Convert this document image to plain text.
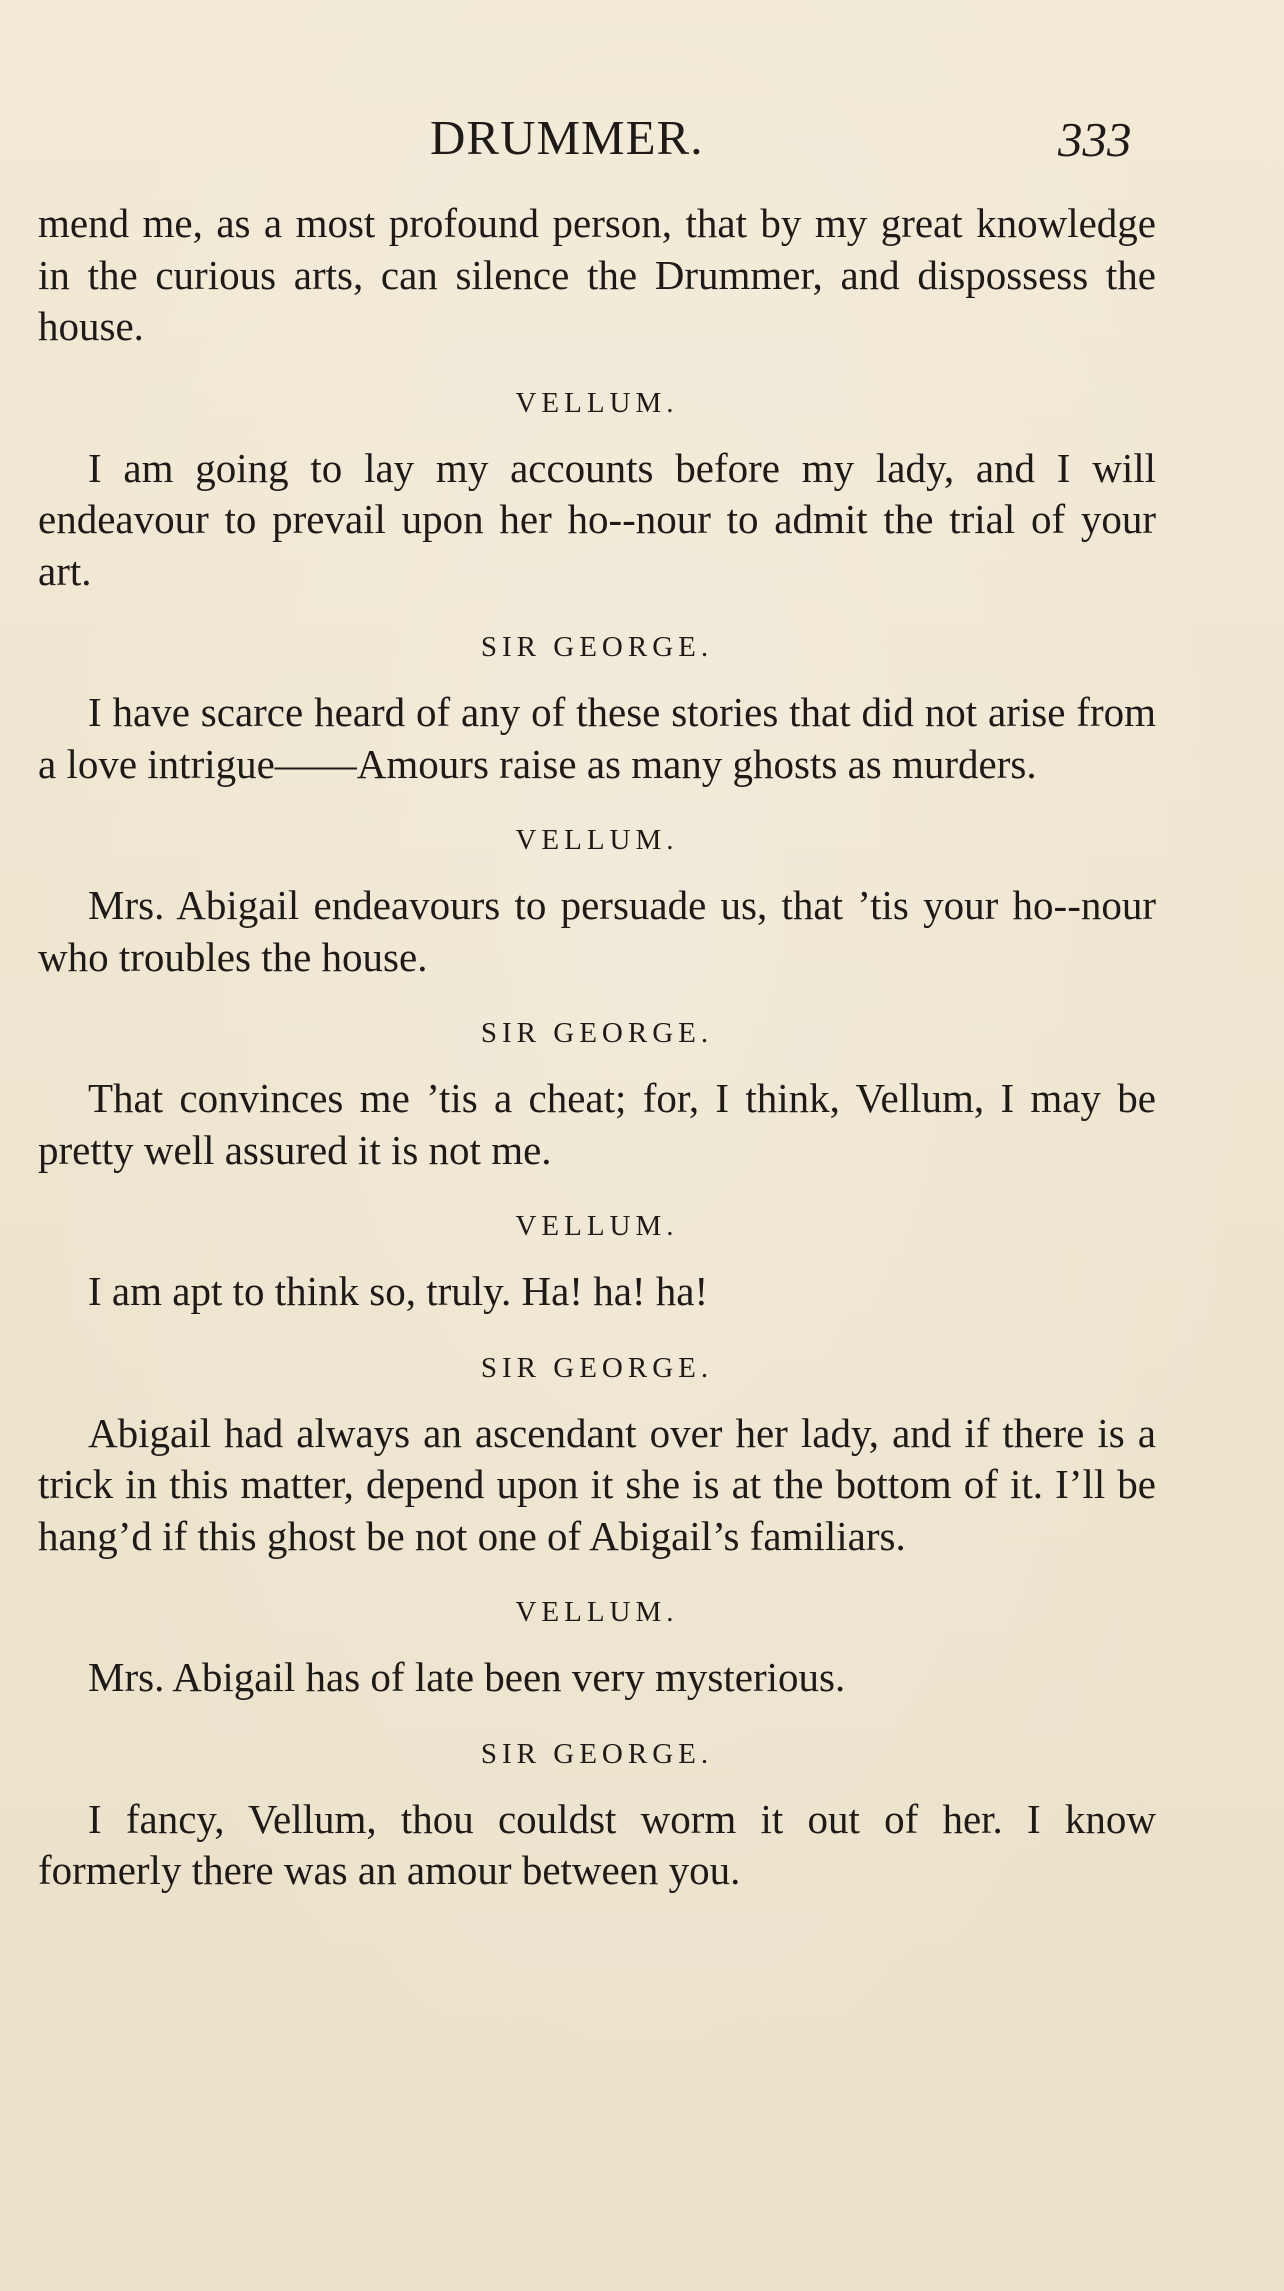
DRUMMER.	333

mend me, as a most profound person, that by my great knowledge in the curious arts, can silence the Drummer, and dispossess the house.

VELLUM.

I am going to lay my accounts before my lady, and I will endeavour to prevail upon her ho--nour to admit the trial of your art.

SIR GEORGE.

I have scarce heard of any of these stories that did not arise from a love intrigue——Amours raise as many ghosts as murders.

VELLUM.

Mrs. Abigail endeavours to persuade us, that ’tis your ho--nour who troubles the house.

SIR GEORGE.

That convinces me ’tis a cheat; for, I think, Vellum, I may be pretty well assured it is not me.

VELLUM.

I am apt to think so, truly. Ha! ha! ha!

SIR GEORGE.

Abigail had always an ascendant over her lady, and if there is a trick in this matter, depend upon it she is at the bottom of it. I’ll be hang’d if this ghost be not one of Abigail’s familiars.

VELLUM.

Mrs. Abigail has of late been very mysterious.

SIR GEORGE.

I fancy, Vellum, thou couldst worm it out of her. I know formerly there was an amour between you.
